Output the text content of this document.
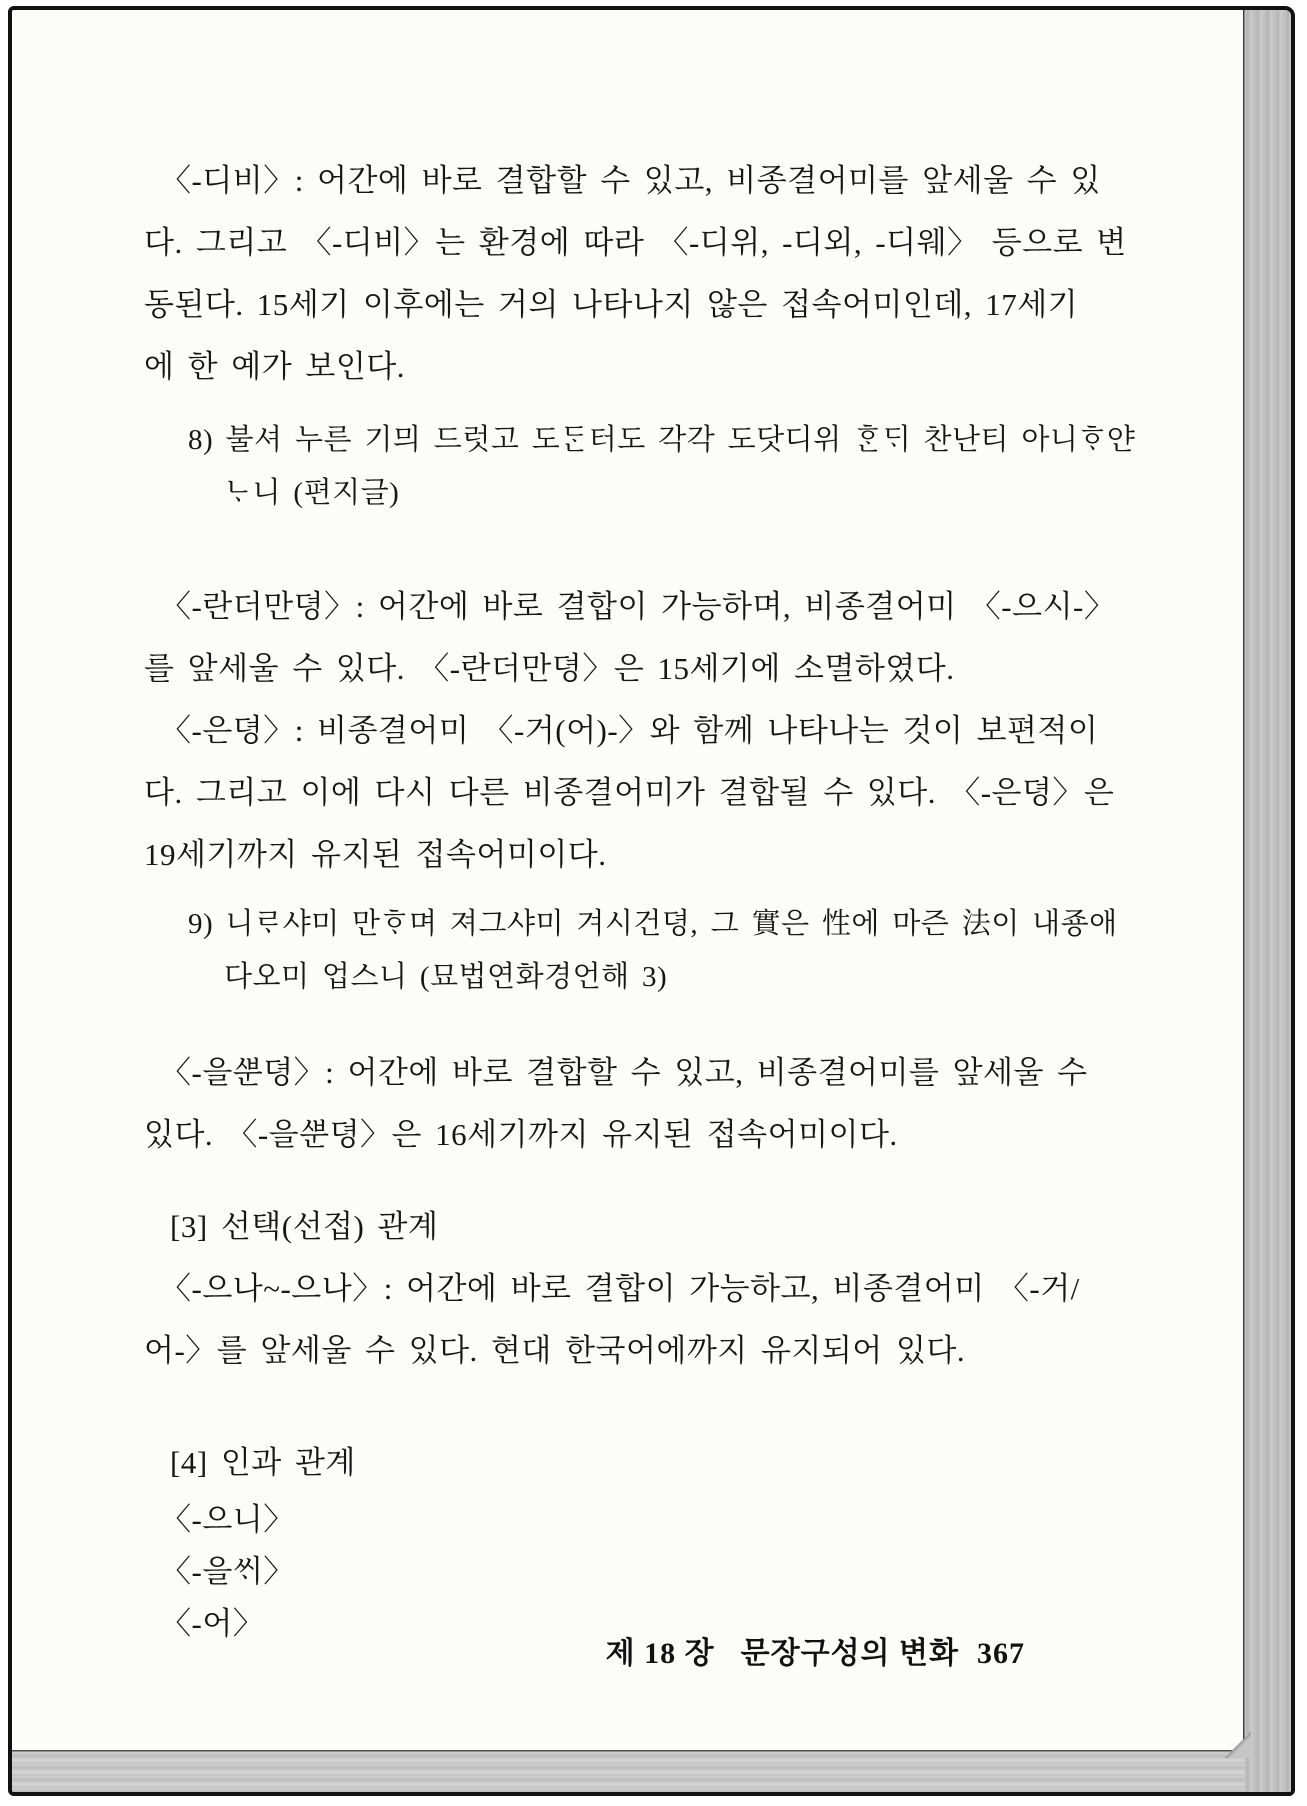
〈-디비〉: 어간에 바로 결합할 수 있고, 비종결어미를 앞세울 수 있
다. 그리고 〈-디비〉는 환경에 따라 〈-디위, -디외, -디웨〉 등으로 변
동된다. 15세기 이후에는 거의 나타나지 않은 접속어미인데, 17세기
에 한 예가 보인다.
8) 불셔 누른 기믜 드럿고 도ᄃᆞᆫ터도 각각 도닷디위 ᄒᆞᆫᄃᆡ 찬난티 아니ᄒᆞ얀
ᄂᆞ니 (편지글)
〈-란더만뎡〉: 어간에 바로 결합이 가능하며, 비종결어미 〈-으시-〉
를 앞세울 수 있다. 〈-란더만뎡〉은 15세기에 소멸하였다.
〈-은뎡〉: 비종결어미 〈-거(어)-〉와 함께 나타나는 것이 보편적이
다. 그리고 이에 다시 다른 비종결어미가 결합될 수 있다. 〈-은뎡〉은
19세기까지 유지된 접속어미이다.
9) 니ᄅᆞ샤미 만ᄒᆞ며 져그샤미 겨시건뎡, 그 實은 性에 마즌 法이 내죵애
다오미 업스니 (묘법연화경언해 3)
〈-을ᄲᅮᆫ뎡〉: 어간에 바로 결합할 수 있고, 비종결어미를 앞세울 수
있다. 〈-을ᄲᅮᆫ뎡〉은 16세기까지 유지된 접속어미이다.
[3] 선택(선접) 관계
〈-으나~-으나〉: 어간에 바로 결합이 가능하고, 비종결어미 〈-거/
어-〉를 앞세울 수 있다. 현대 한국어에까지 유지되어 있다.
[4] 인과 관계
〈-으니〉
〈-을ᄊᆡ〉
〈-어〉
제 18 장 문장구성의 변화 367
